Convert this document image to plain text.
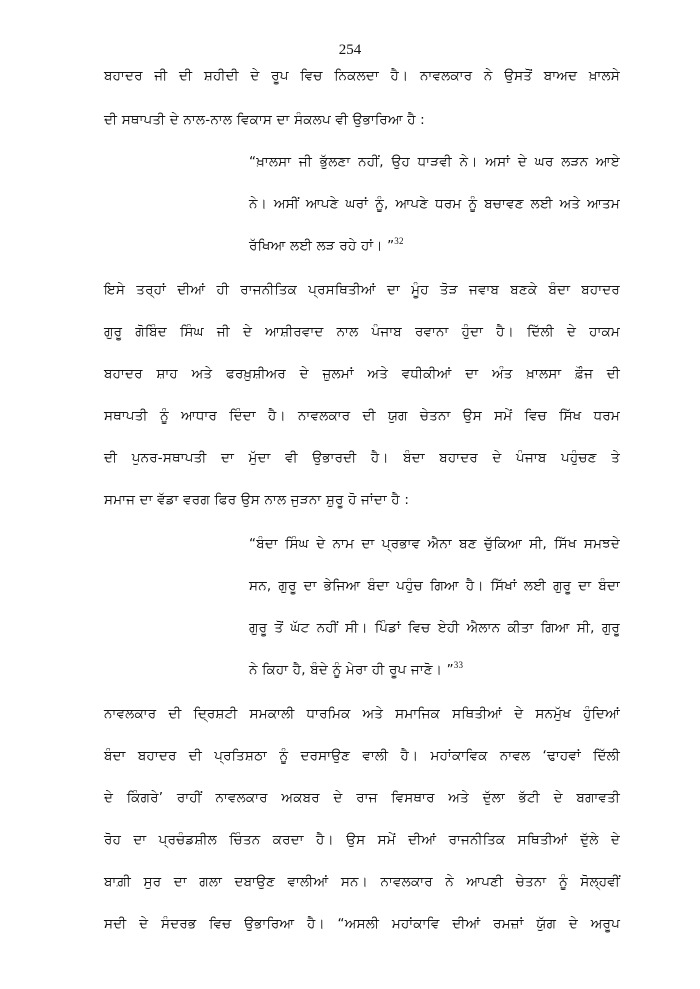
254
ਬਹਾਦਰ ਜੀ ਦੀ ਸ਼ਹੀਦੀ ਦੇ ਰੂਪ ਵਿਚ ਨਿਕਲਦਾ ਹੈ। ਨਾਵਲਕਾਰ ਨੇ ਉਸਤੋਂ ਬਾਅਦ ਖ਼ਾਲਸੇ
ਦੀ ਸਥਾਪਤੀ ਦੇ ਨਾਲ-ਨਾਲ ਵਿਕਾਸ ਦਾ ਸੰਕਲਪ ਵੀ ਉਭਾਰਿਆ ਹੈ :
“ਖ਼ਾਲਸਾ ਜੀ ਭੁੱਲਣਾ ਨਹੀਂ, ਉਹ ਧਾੜਵੀ ਨੇ। ਅਸਾਂ ਦੇ ਘਰ ਲੜਨ ਆਏ
ਨੇ। ਅਸੀਂ ਆਪਣੇ ਘਰਾਂ ਨੂੰ, ਆਪਣੇ ਧਰਮ ਨੂੰ ਬਚਾਵਣ ਲਈ ਅਤੇ ਆਤਮ
ਰੱਖਿਆ ਲਈ ਲੜ ਰਹੇ ਹਾਂ। ”$^{32}$
ਇਸੇ ਤਰ੍ਹਾਂ ਦੀਆਂ ਹੀ ਰਾਜਨੀਤਿਕ ਪ੍ਰਸਥਿਤੀਆਂ ਦਾ ਮੂੰਹ ਤੋੜ ਜਵਾਬ ਬਣਕੇ ਬੰਦਾ ਬਹਾਦਰ
ਗੁਰੂ ਗੋਬਿੰਦ ਸਿੰਘ ਜੀ ਦੇ ਆਸ਼ੀਰਵਾਦ ਨਾਲ ਪੰਜਾਬ ਰਵਾਨਾ ਹੁੰਦਾ ਹੈ। ਦਿੱਲੀ ਦੇ ਹਾਕਮ
ਬਹਾਦਰ ਸ਼ਾਹ ਅਤੇ ਫਰਖ਼ੁਸ਼ੀਅਰ ਦੇ ਜ਼ੁਲਮਾਂ ਅਤੇ ਵਧੀਕੀਆਂ ਦਾ ਅੰਤ ਖ਼ਾਲਸਾ ਫ਼ੌਜ ਦੀ
ਸਥਾਪਤੀ ਨੂੰ ਆਧਾਰ ਦਿੰਦਾ ਹੈ। ਨਾਵਲਕਾਰ ਦੀ ਯੁਗ ਚੇਤਨਾ ਉਸ ਸਮੇਂ ਵਿਚ ਸਿੱਖ ਧਰਮ
ਦੀ ਪੁਨਰ-ਸਥਾਪਤੀ ਦਾ ਮੁੱਦਾ ਵੀ ਉਭਾਰਦੀ ਹੈ। ਬੰਦਾ ਬਹਾਦਰ ਦੇ ਪੰਜਾਬ ਪਹੁੰਚਣ ਤੇ
ਸਮਾਜ ਦਾ ਵੱਡਾ ਵਰਗ ਫਿਰ ਉਸ ਨਾਲ ਜੁੜਨਾ ਸ਼ੁਰੂ ਹੋ ਜਾਂਦਾ ਹੈ :
“ਬੰਦਾ ਸਿੰਘ ਦੇ ਨਾਮ ਦਾ ਪ੍ਰਭਾਵ ਐਨਾ ਬਣ ਚੁੱਕਿਆ ਸੀ, ਸਿੱਖ ਸਮਝਦੇ
ਸਨ, ਗੁਰੂ ਦਾ ਭੇਜਿਆ ਬੰਦਾ ਪਹੁੰਚ ਗਿਆ ਹੈ। ਸਿੱਖਾਂ ਲਈ ਗੁਰੂ ਦਾ ਬੰਦਾ
ਗੁਰੂ ਤੋਂ ਘੱਟ ਨਹੀਂ ਸੀ। ਪਿੰਡਾਂ ਵਿਚ ਏਹੀ ਐਲਾਨ ਕੀਤਾ ਗਿਆ ਸੀ, ਗੁਰੂ
ਨੇ ਕਿਹਾ ਹੈ, ਬੰਦੇ ਨੂੰ ਮੇਰਾ ਹੀ ਰੂਪ ਜਾਣੋ। ”$^{33}$
ਨਾਵਲਕਾਰ ਦੀ ਦ੍ਰਿਸ਼ਟੀ ਸਮਕਾਲੀ ਧਾਰਮਿਕ ਅਤੇ ਸਮਾਜਿਕ ਸਥਿਤੀਆਂ ਦੇ ਸਨਮੁੱਖ ਹੁੰਦਿਆਂ
ਬੰਦਾ ਬਹਾਦਰ ਦੀ ਪ੍ਰਤਿਸ਼ਠਾ ਨੂੰ ਦਰਸਾਉਣ ਵਾਲੀ ਹੈ। ਮਹਾਂਕਾਵਿਕ ਨਾਵਲ ‘ਢਾਹਵਾਂ ਦਿੱਲੀ
ਦੇ ਕਿੰਗਰੇ’ ਰਾਹੀਂ ਨਾਵਲਕਾਰ ਅਕਬਰ ਦੇ ਰਾਜ ਵਿਸਥਾਰ ਅਤੇ ਦੁੱਲਾ ਭੱਟੀ ਦੇ ਬਗਾਵਤੀ
ਰੋਹ ਦਾ ਪ੍ਰਚੰਡਸ਼ੀਲ ਚਿੰਤਨ ਕਰਦਾ ਹੈ। ਉਸ ਸਮੇਂ ਦੀਆਂ ਰਾਜਨੀਤਿਕ ਸਥਿਤੀਆਂ ਦੁੱਲੇ ਦੇ
ਬਾਗ਼ੀ ਸੁਰ ਦਾ ਗਲਾ ਦਬਾਉਣ ਵਾਲੀਆਂ ਸਨ। ਨਾਵਲਕਾਰ ਨੇ ਆਪਣੀ ਚੇਤਨਾ ਨੂੰ ਸੋਲ੍ਹਵੀਂ
ਸਦੀ ਦੇ ਸੰਦਰਭ ਵਿਚ ਉਭਾਰਿਆ ਹੈ। “ਅਸਲੀ ਮਹਾਂਕਾਵਿ ਦੀਆਂ ਰਮਜ਼ਾਂ ਯੁੱਗ ਦੇ ਅਰੂਪ
